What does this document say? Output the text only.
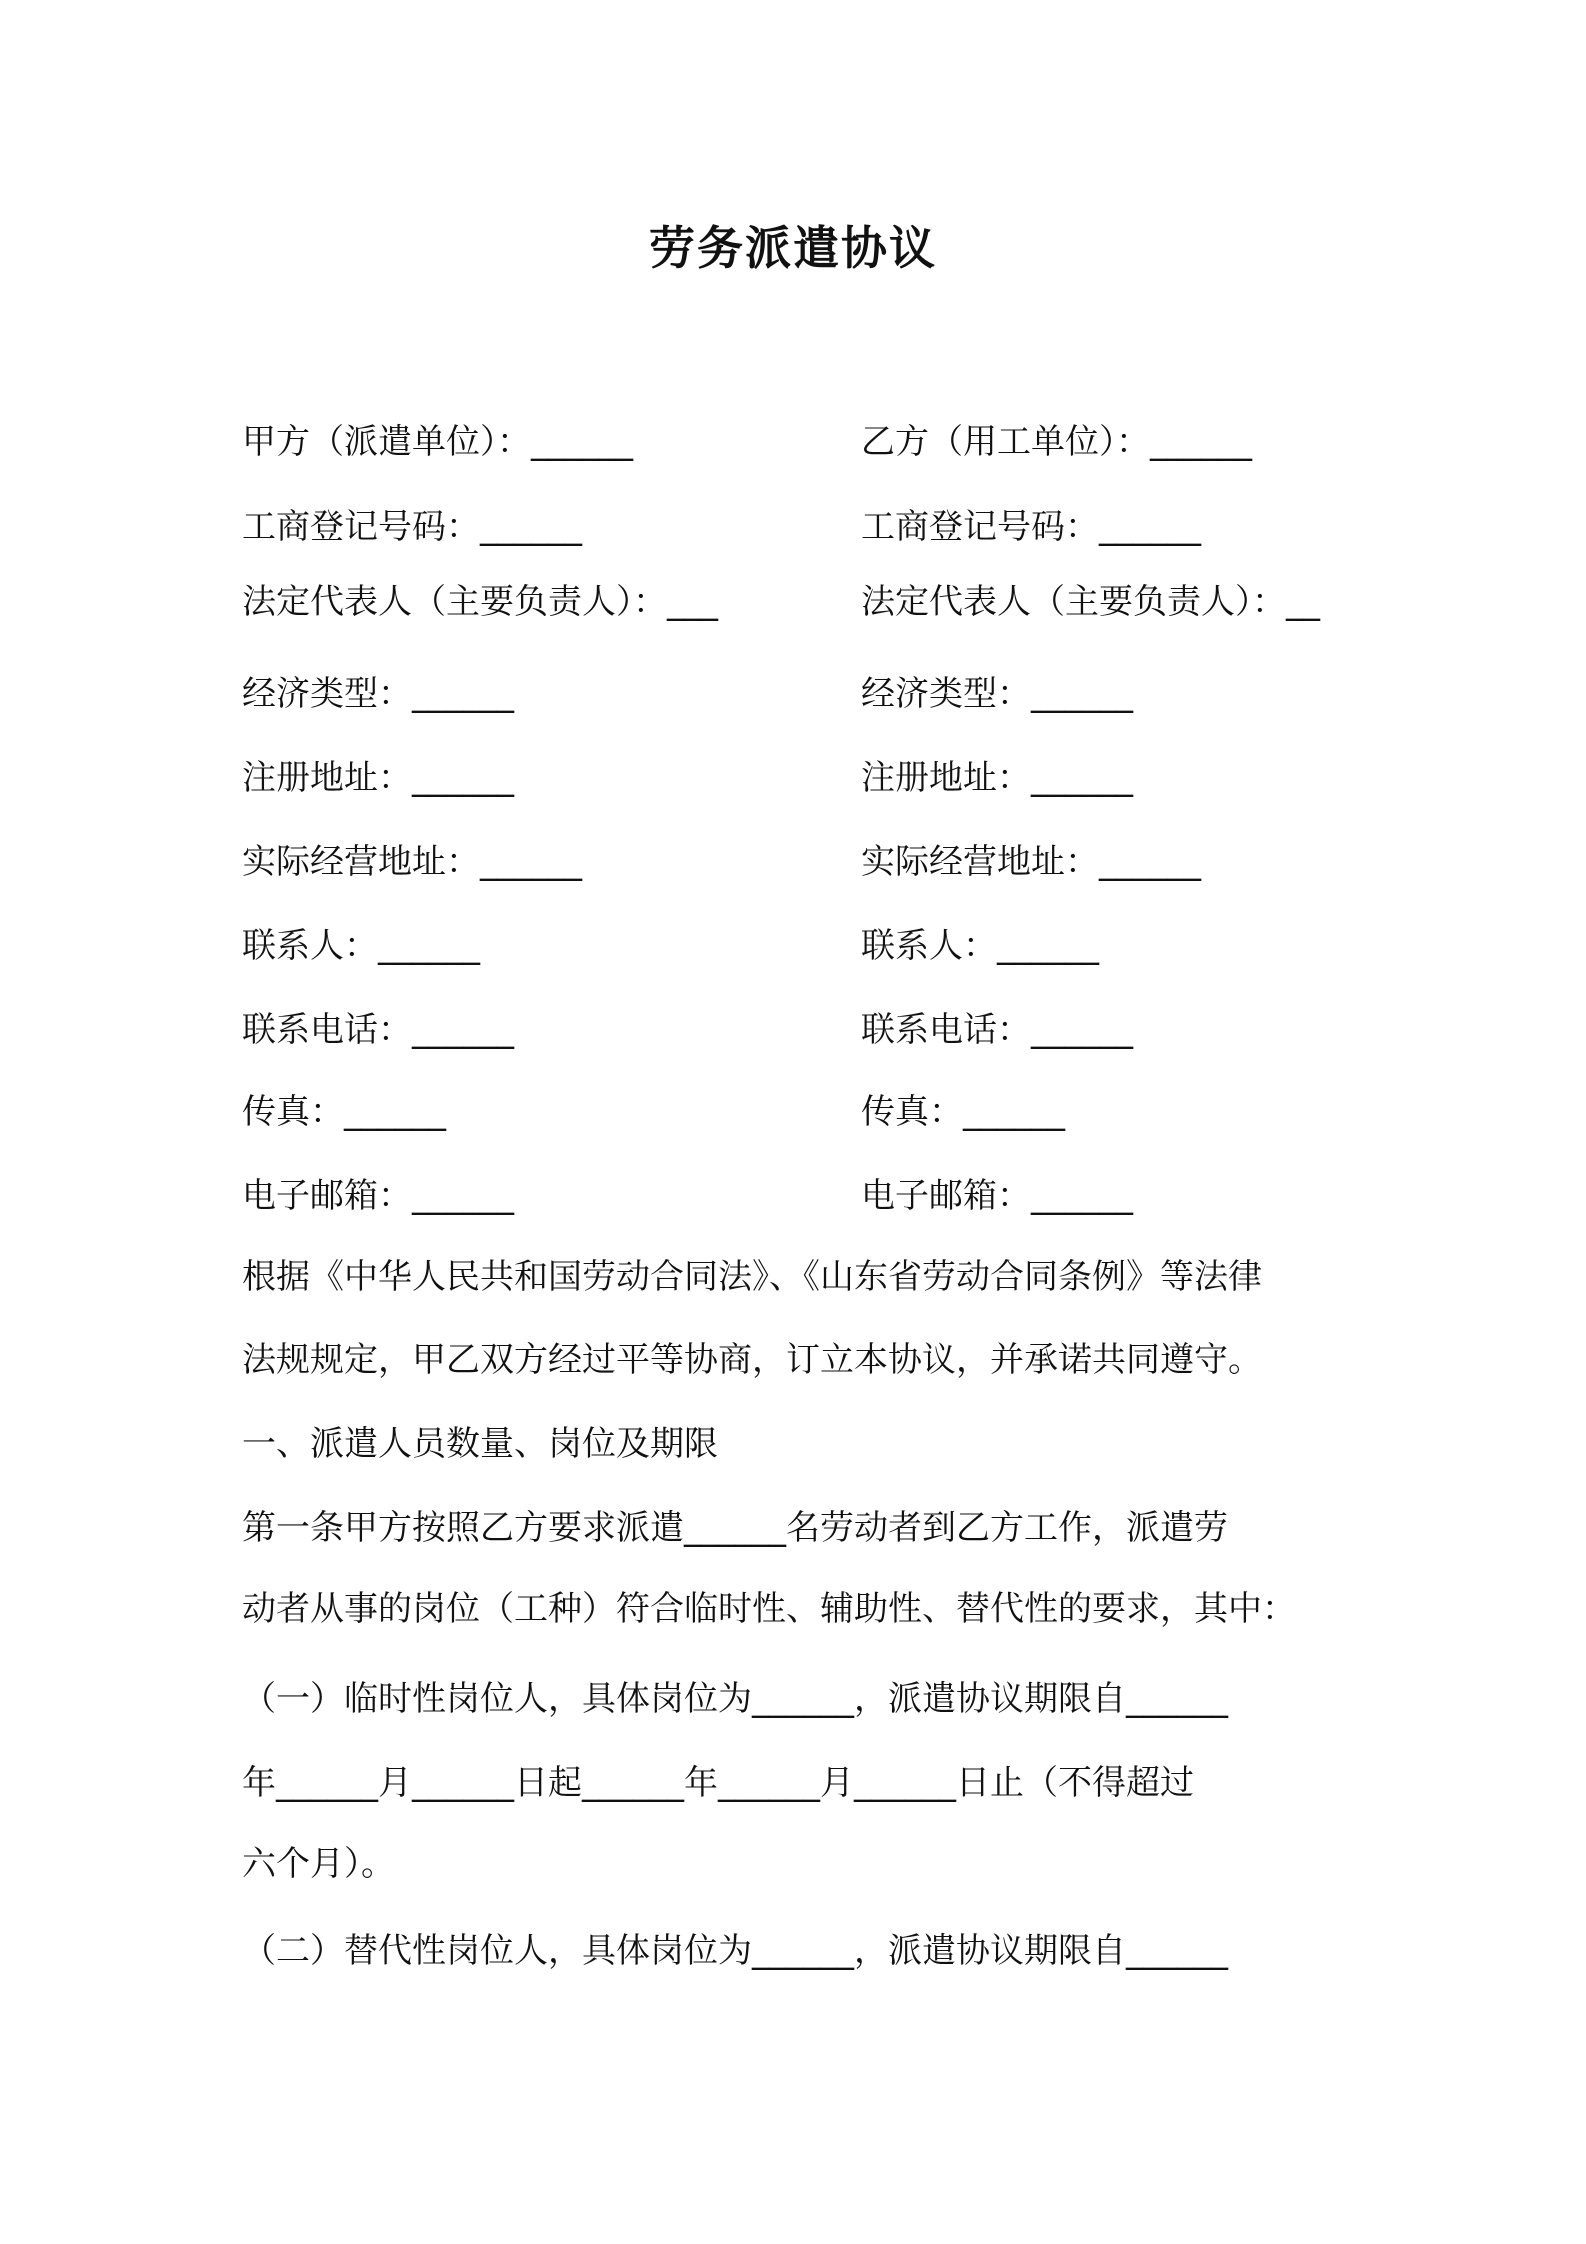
劳务派遣协议

甲方（派遣单位）：______

工商登记号码：______

法定代表人（主要负责人）：___

经济类型：______

注册地址：______

实际经营地址：______

联系人：______

联系电话：______

传真：______

电子邮箱：______

乙方（用工单位）：______

工商登记号码：______

法定代表人（主要负责人）：__

经济类型：______

注册地址：______

实际经营地址：______

联系人：______

联系电话：______

传真：______

电子邮箱：______

根据《中华人民共和国劳动合同法》、《山东省劳动合同条例》等法律

法规规定，甲乙双方经过平等协商，订立本协议，并承诺共同遵守。

一、派遣人员数量、岗位及期限

第一条甲方按照乙方要求派遣______名劳动者到乙方工作，派遣劳

动者从事的岗位（工种）符合临时性、辅助性、替代性的要求，其中：

（一）临时性岗位人，具体岗位为______，派遣协议期限自______

年______月______日起______年______月______日止（不得超过

六个月）。

（二）替代性岗位人，具体岗位为______，派遣协议期限自______
